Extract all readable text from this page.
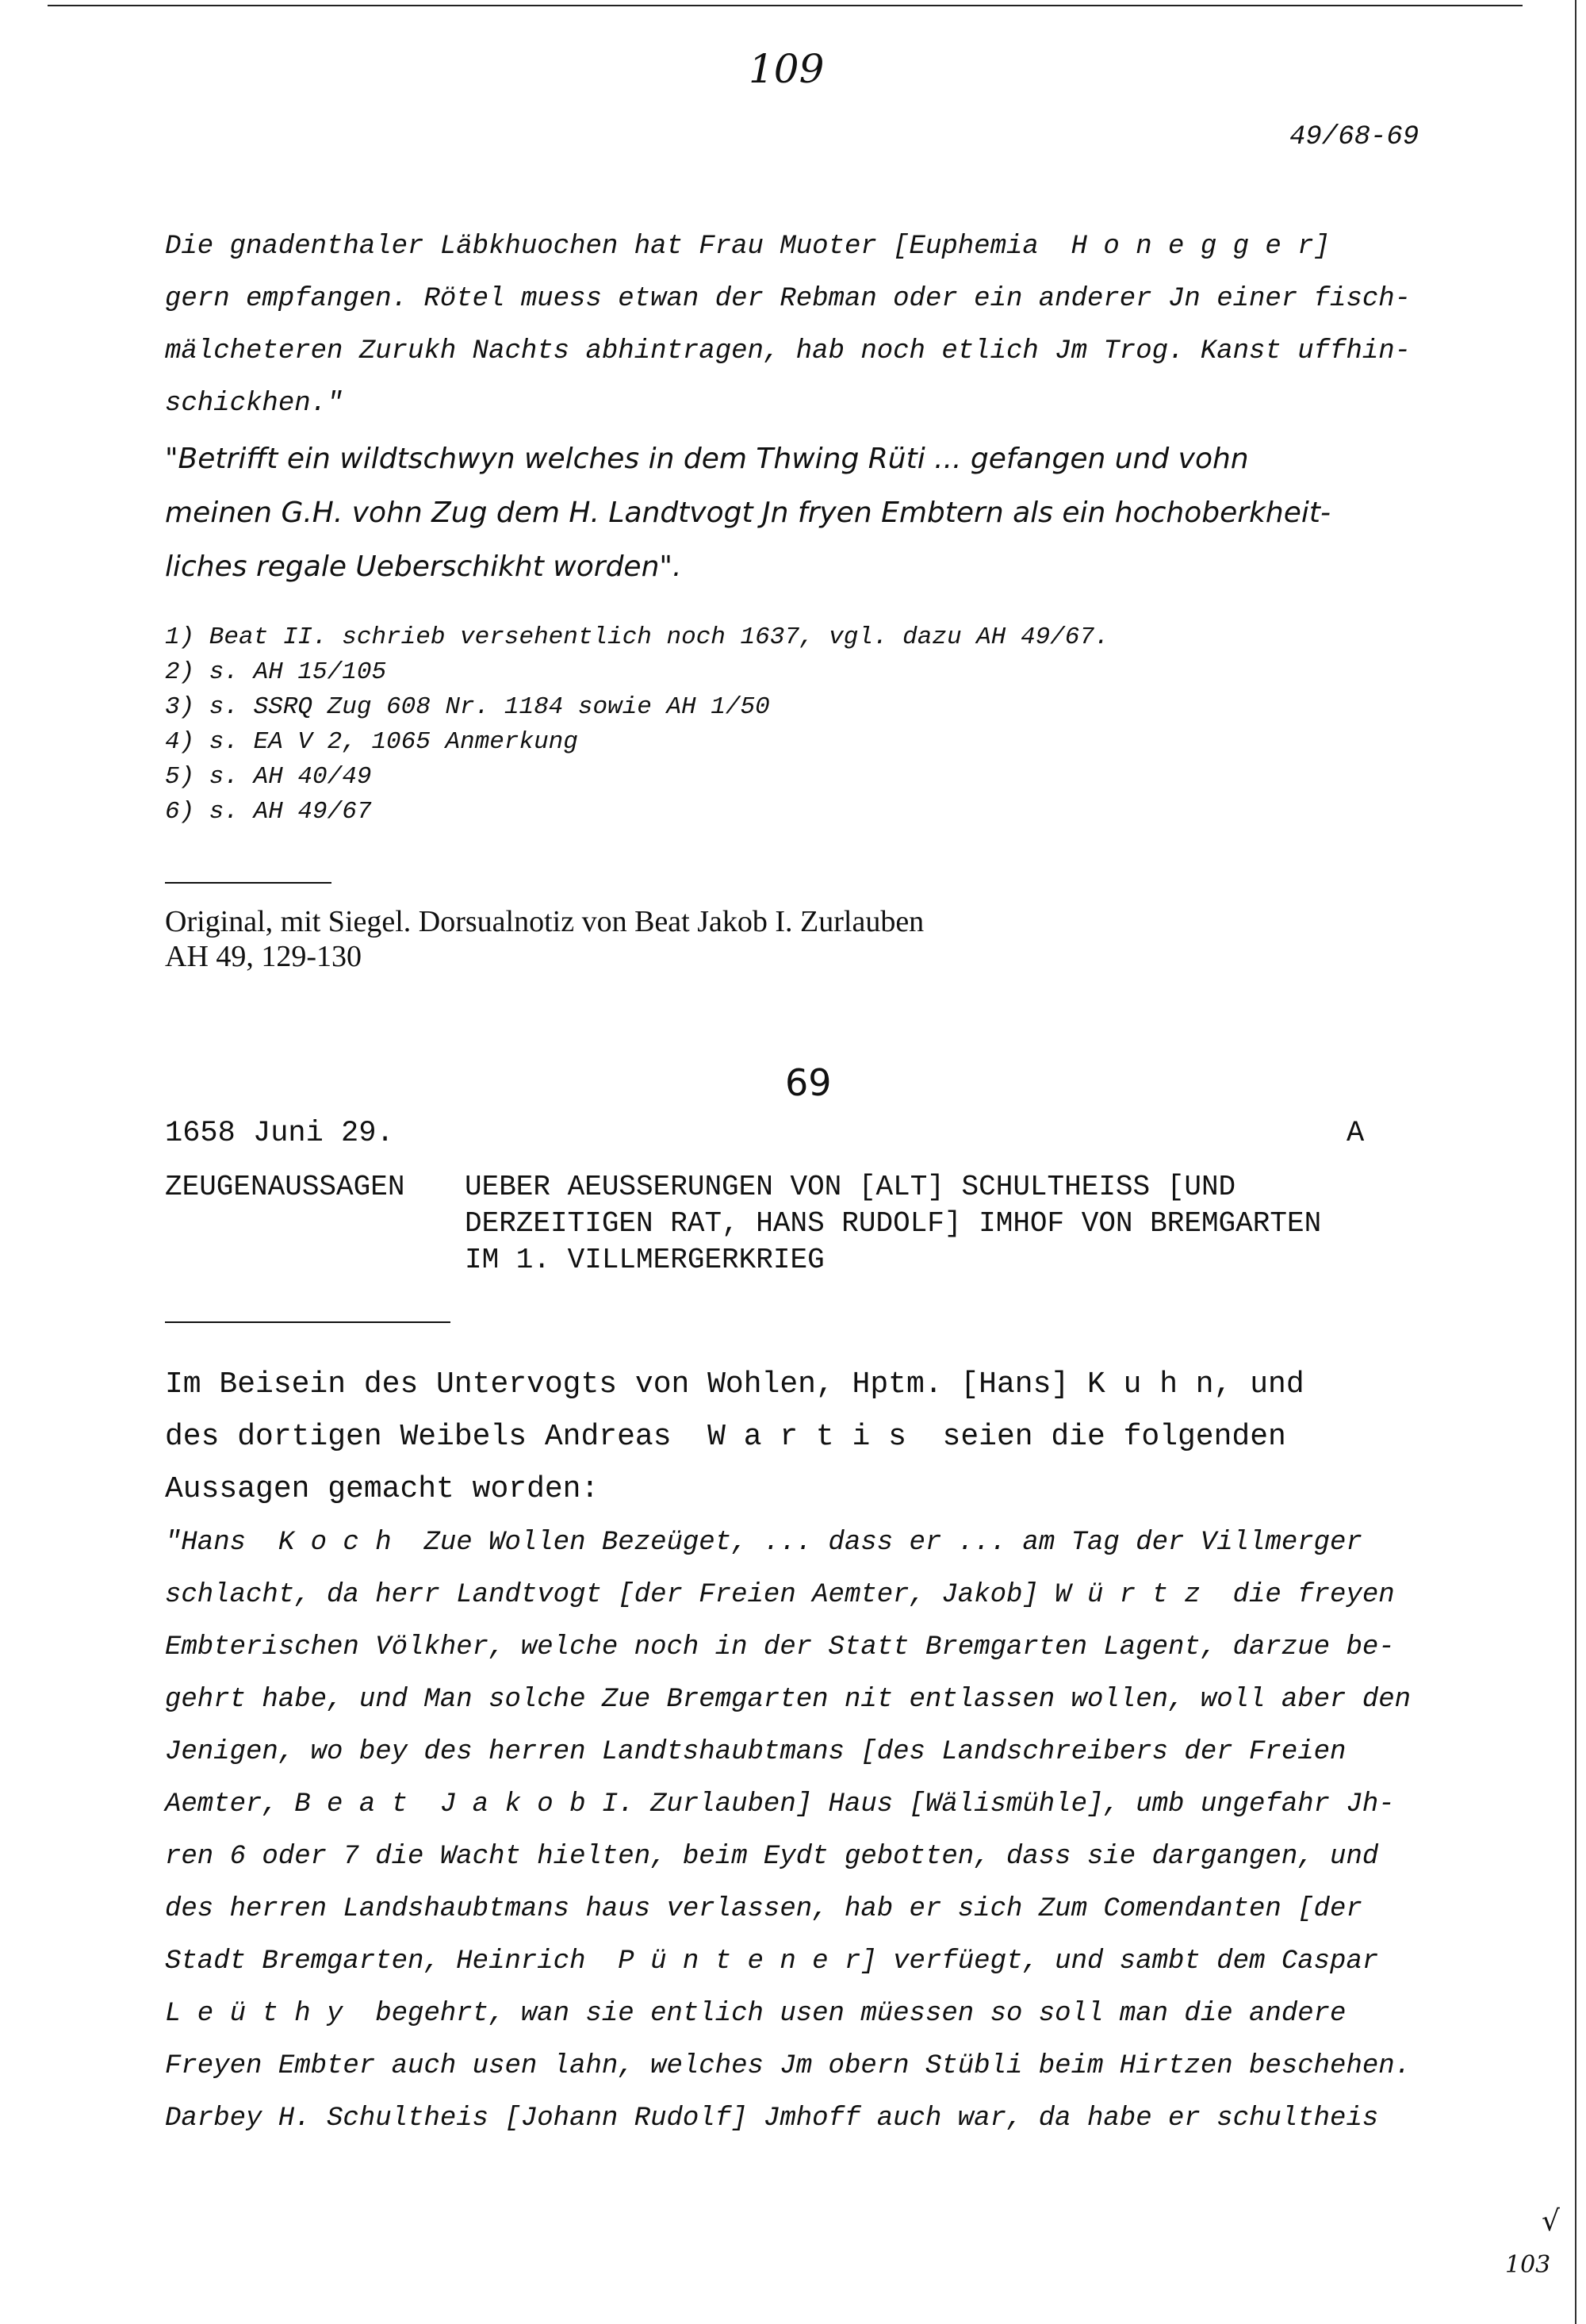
109
49/68-69
Die gnadenthaler Läbkhuochen hat Frau Muoter [Euphemia  H o n e g g e r]
gern empfangen. Rötel muess etwan der Rebman oder ein anderer Jn einer fisch-
mälcheteren Zurukh Nachts abhintragen, hab noch etlich Jm Trog. Kanst uffhin-
schickhen."
"Betrifft ein wildtschwyn welches in dem Thwing Rüti ... gefangen und vohn
meinen G.H. vohn Zug dem H. Landtvogt Jn fryen Embtern als ein hochoberkheit-
liches regale Ueberschikht worden".
1) Beat II. schrieb versehentlich noch 1637, vgl. dazu AH 49/67.
2) s. AH 15/105
3) s. SSRQ Zug 608 Nr. 1184 sowie AH 1/50
4) s. EA V 2, 1065 Anmerkung
5) s. AH 40/49
6) s. AH 49/67
Original, mit Siegel. Dorsualnotiz von Beat Jakob I. Zurlauben
AH 49, 129-130
69
1658 Juni 29.	A
ZEUGENAUSSAGEN UEBER AEUSSERUNGEN VON [ALT] SCHULTHEISS [UND
DERZEITIGEN RAT, HANS RUDOLF] IMHOF VON BREMGARTEN
IM 1. VILLMERGERKRIEG
Im Beisein des Untervogts von Wohlen, Hptm. [Hans] K u h n, und
des dortigen Weibels Andreas  W a r t i s  seien die folgenden
Aussagen gemacht worden:
"Hans  K o c h  Zue Wollen Bezeüget, ... dass er ... am Tag der Villmerger
schlacht, da herr Landtvogt [der Freien Aemter, Jakob] W ü r t z  die freyen
Embterischen Völkher, welche noch in der Statt Bremgarten Lagent, darzue be-
gehrt habe, und Man solche Zue Bremgarten nit entlassen wollen, woll aber den
Jenigen, wo bey des herren Landtshaubtmans [des Landschreibers der Freien
Aemter, B e a t  J a k o b I. Zurlauben] Haus [Wälismühle], umb ungefahr Jh-
ren 6 oder 7 die Wacht hielten, beim Eydt gebotten, dass sie dargangen, und
des herren Landshaubtmans haus verlassen, hab er sich Zum Comendanten [der
Stadt Bremgarten, Heinrich  P ü n t e n e r] verfüegt, und sambt dem Caspar
L e ü t h y  begehrt, wan sie entlich usen müessen so soll man die andere
Freyen Embter auch usen lahn, welches Jm obern Stübli beim Hirtzen beschehen.
Darbey H. Schultheis [Johann Rudolf] Jmhoff auch war, da habe er schultheis
√
103
